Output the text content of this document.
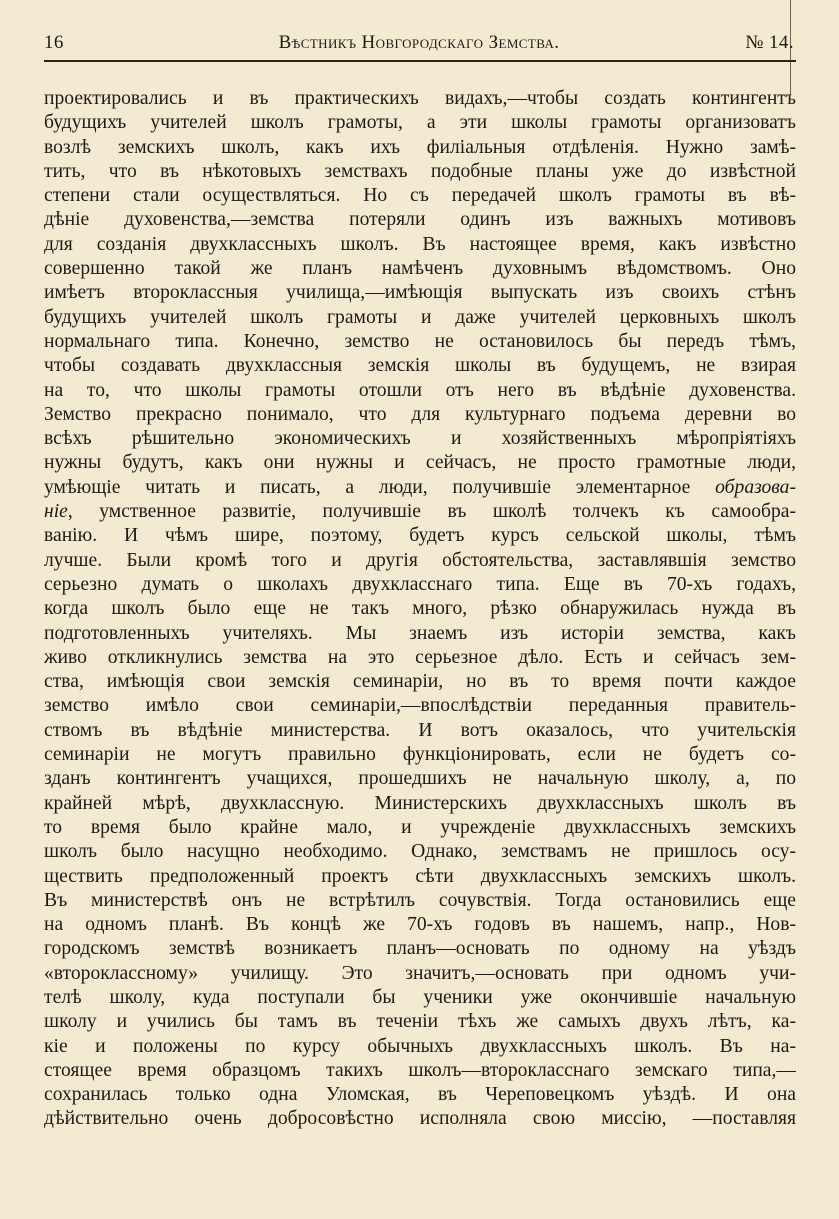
16	Вѣстникъ Новгородскаго Земства.	№ 14.
проектировались и въ практическихъ видахъ,—чтобы создать контингентъ
будущихъ учителей школъ грамоты, а эти школы грамоты организоватъ
возлѣ земскихъ школъ, какъ ихъ филіальныя отдѣленія. Нужно замѣ-
тить, что въ нѣкотовыхъ земствахъ подобные планы уже до извѣстной
степени стали осуществляться. Но съ передачей школъ грамоты въ вѣ-
дѣніе духовенства,—земства потеряли одинъ изъ важныхъ мотивовъ
для созданія двухклассныхъ школъ. Въ настоящее время, какъ извѣстно
совершенно такой же планъ намѣченъ духовнымъ вѣдомствомъ. Оно
имѣетъ второклассныя училища,—имѣющія выпускать изъ своихъ стѣнъ
будущихъ учителей школъ грамоты и даже учителей церковныхъ школъ
нормальнаго типа. Конечно, земство не остановилось бы передъ тѣмъ,
чтобы создавать двухклассныя земскія школы въ будущемъ, не взирая
на то, что школы грамоты отошли отъ него въ вѣдѣніе духовенства.
Земство прекрасно понимало, что для культурнаго подъема деревни во
всѣхъ рѣшительно экономическихъ и хозяйственныхъ мѣропріятіяхъ
нужны будутъ, какъ они нужны и сейчасъ, не просто грамотные люди,
умѣющіе читать и писать, а люди, получившіе элементарное образова-
ніе, умственное развитіе, получившіе въ школѣ толчекъ къ самообра-
ванію. И чѣмъ шире, поэтому, будетъ курсъ сельской школы, тѣмъ
лучше. Были кромѣ того и другія обстоятельства, заставлявшія земство
серьезно думать о школахъ двухкласснаго типа. Еще въ 70-хъ годахъ,
когда школъ было еще не такъ много, рѣзко обнаружилась нужда въ
подготовленныхъ учителяхъ. Мы знаемъ изъ исторіи земства, какъ
живо откликнулись земства на это серьезное дѣло. Есть и сейчасъ зем-
ства, имѣющія свои земскія семинаріи, но въ то время почти каждое
земство имѣло свои семинаріи,—впослѣдствіи переданныя правитель-
ствомъ въ вѣдѣніе министерства. И вотъ оказалось, что учительскія
семинаріи не могутъ правильно функціонировать, если не будетъ со-
зданъ контингентъ учащихся, прошедшихъ не начальную школу, а, по
крайней мѣрѣ, двухклассную. Министерскихъ двухклассныхъ школъ въ
то время было крайне мало, и учрежденіе двухклассныхъ земскихъ
школъ было насущно необходимо. Однако, земствамъ не пришлось осу-
ществить предположенный проектъ сѣти двухклассныхъ земскихъ школъ.
Въ министерствѣ онъ не встрѣтилъ сочувствія. Тогда остановились еще
на одномъ планѣ. Въ концѣ же 70-хъ годовъ въ нашемъ, напр., Нов-
городскомъ земствѣ возникаетъ планъ—основать по одному на уѣздъ
«второклассному» училищу. Это значитъ,—основать при одномъ учи-
телѣ школу, куда поступали бы ученики уже окончившіе начальную
школу и учились бы тамъ въ теченіи тѣхъ же самыхъ двухъ лѣтъ, ка-
кіе и положены по курсу обычныхъ двухклассныхъ школъ. Въ на-
стоящее время образцомъ такихъ школъ—второкласснаго земскаго типа,—
сохранилась только одна Уломская, въ Череповецкомъ уѣздѣ. И она
дѣйствительно очень добросовѣстно исполняла свою миссію, —поставляя
